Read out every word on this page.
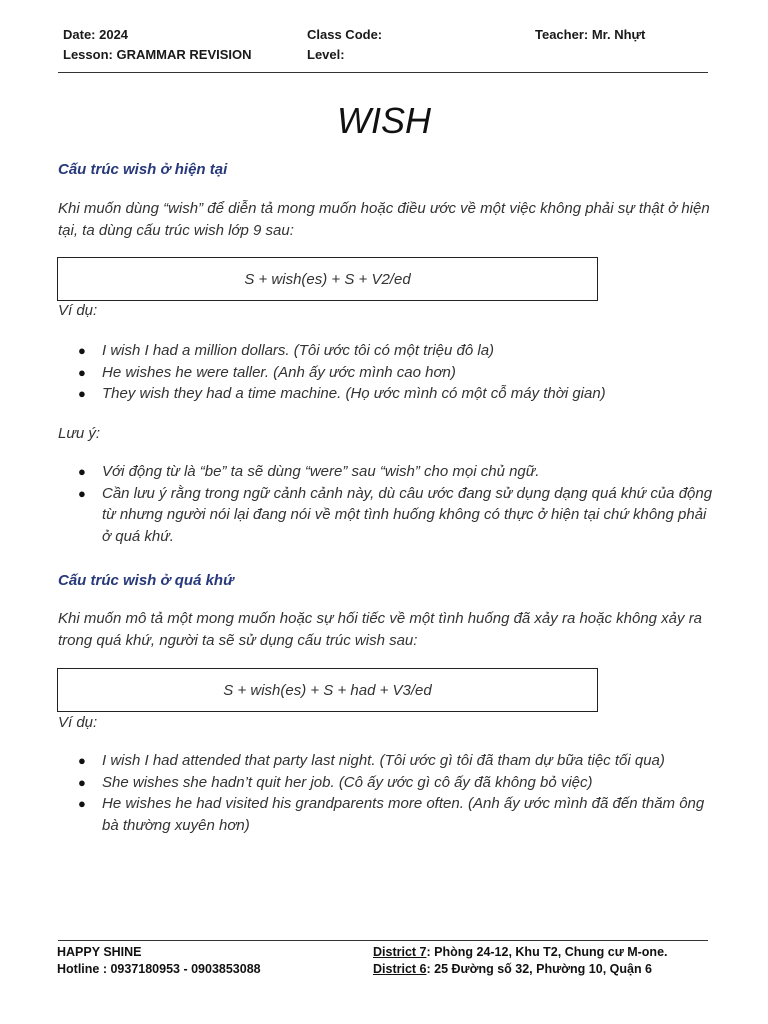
Date: 2024
Lesson: GRAMMAR REVISION
Class Code:
Level:
Teacher: Mr. Nhựt
WISH
Cấu trúc wish ở hiện tại
Khi muốn dùng “wish” để diễn tả mong muốn hoặc điều ước về một việc không phải sự thật ở hiện tại, ta dùng cấu trúc wish lớp 9 sau:
S + wish(es) + S + V2/ed
Ví dụ:
● I wish I had a million dollars. (Tôi ước tôi có một triệu đô la)
● He wishes he were taller. (Anh ấy ước mình cao hơn)
● They wish they had a time machine. (Họ ước mình có một cỗ máy thời gian)
Lưu ý:
● Với động từ là “be” ta sẽ dùng “were” sau “wish” cho mọi chủ ngữ.
● Cần lưu ý rằng trong ngữ cảnh cảnh này, dù câu ước đang sử dụng dạng quá khứ của động từ nhưng người nói lại đang nói về một tình huống không có thực ở hiện tại chứ không phải ở quá khứ.
Cấu trúc wish ở quá khứ
Khi muốn mô tả một mong muốn hoặc sự hối tiếc về một tình huống đã xảy ra hoặc không xảy ra trong quá khứ, người ta sẽ sử dụng cấu trúc wish sau:
S + wish(es) + S + had + V3/ed
Ví dụ:
● I wish I had attended that party last night. (Tôi ước gì tôi đã tham dự bữa tiệc tối qua)
● She wishes she hadn’t quit her job. (Cô ấy ước gì cô ấy đã không bỏ việc)
● He wishes he had visited his grandparents more often. (Anh ấy ước mình đã đến thăm ông bà thường xuyên hơn)
HAPPY SHINE
Hotline : 0937180953 - 0903853088
District 7: Phòng 24-12, Khu T2, Chung cư M-one.
District 6: 25 Đường số 32, Phường 10, Quận 6
